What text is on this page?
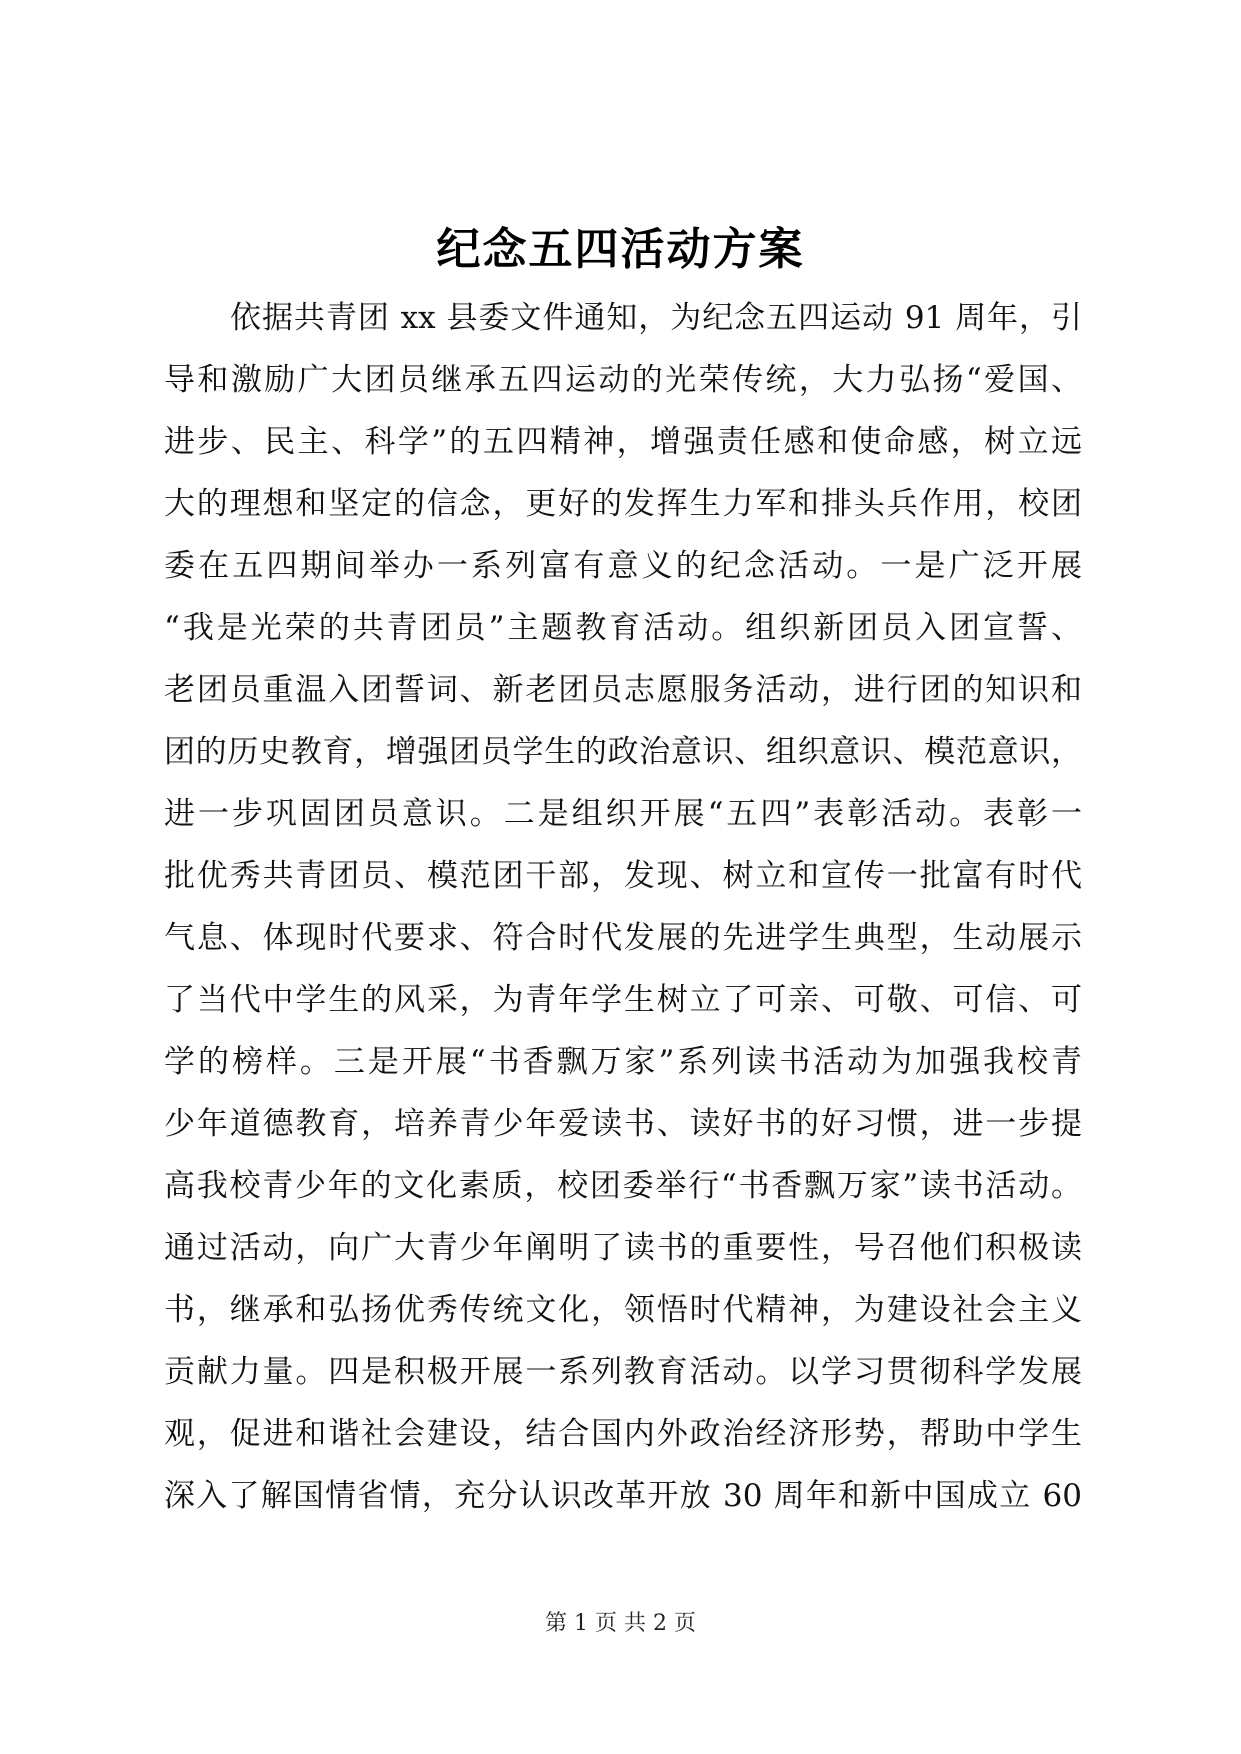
纪念五四活动方案
依据共青团 xx 县委文件通知，为纪念五四运动 91 周年，引
导和激励广大团员继承五四运动的光荣传统，大力弘扬“爱国、
进步、民主、科学”的五四精神，增强责任感和使命感，树立远
大的理想和坚定的信念，更好的发挥生力军和排头兵作用，校团
委在五四期间举办一系列富有意义的纪念活动。一是广泛开展
“我是光荣的共青团员”主题教育活动。组织新团员入团宣誓、
老团员重温入团誓词、新老团员志愿服务活动，进行团的知识和
团的历史教育，增强团员学生的政治意识、组织意识、模范意识，
进一步巩固团员意识。二是组织开展“五四”表彰活动。表彰一
批优秀共青团员、模范团干部，发现、树立和宣传一批富有时代
气息、体现时代要求、符合时代发展的先进学生典型，生动展示
了当代中学生的风采，为青年学生树立了可亲、可敬、可信、可
学的榜样。三是开展“书香飘万家”系列读书活动为加强我校青
少年道德教育，培养青少年爱读书、读好书的好习惯，进一步提
高我校青少年的文化素质，校团委举行“书香飘万家”读书活动。
通过活动，向广大青少年阐明了读书的重要性，号召他们积极读
书，继承和弘扬优秀传统文化，领悟时代精神，为建设社会主义
贡献力量。四是积极开展一系列教育活动。以学习贯彻科学发展
观，促进和谐社会建设，结合国内外政治经济形势，帮助中学生
深入了解国情省情，充分认识改革开放 30 周年和新中国成立 60
第 1 页 共 2 页
